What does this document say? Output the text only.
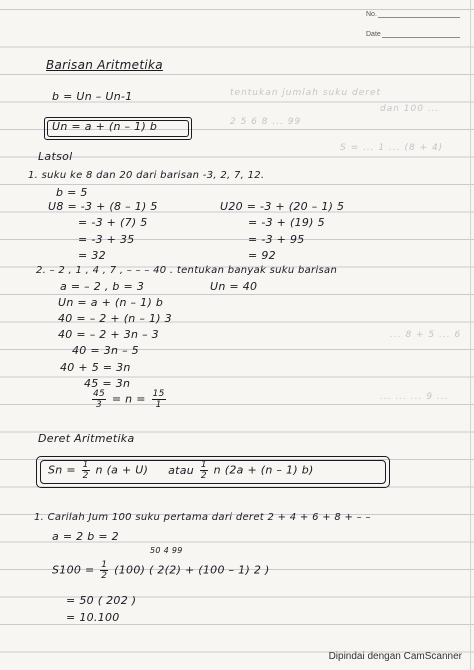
No.
Date
tentukan jumlah suku deret
dan 100 ...
2 5 6 8 ... 99
S = ... 1 ... (8 + 4)
... 8 + 5 ... 6
... ... ... 9 ...
Barisan Aritmetika
b = Un – Un-1
Un = a + (n – 1) b
Latsol
1. suku ke 8 dan 20 dari barisan -3, 2, 7, 12.
b = 5
U8 = -3 + (8 – 1) 5
= -3 + (7) 5
= -3 + 35
= 32
U20 = -3 + (20 – 1) 5
= -3 + (19) 5
= -3 + 95
= 92
2. – 2 , 1 , 4 , 7 , – – – 40 . tentukan banyak suku barisan
a = – 2 , b = 3	Un = 40
Un = a + (n – 1) b
40 = – 2 + (n – 1) 3
40 = – 2 + 3n – 3
40 = 3n – 5
40 + 5 = 3n
45 = 3n
$\frac{45}{3} = n = \frac{15}{1}$
Deret Aritmetika
$Sn = \frac{1}{2}$ n (a + U) atau $\frac{1}{2}$ n (2a + (n – 1) b)
1. Carilah Jum 100 suku pertama dari deret 2 + 4 + 6 + 8 + – –
a = 2 b = 2
50 4 99
$S100 = \frac{1}{2} (100)$ ( 2(2) + (100 – 1) 2 )
= 50 ( 202 )
= 10.100
Dipindai dengan CamScanner
